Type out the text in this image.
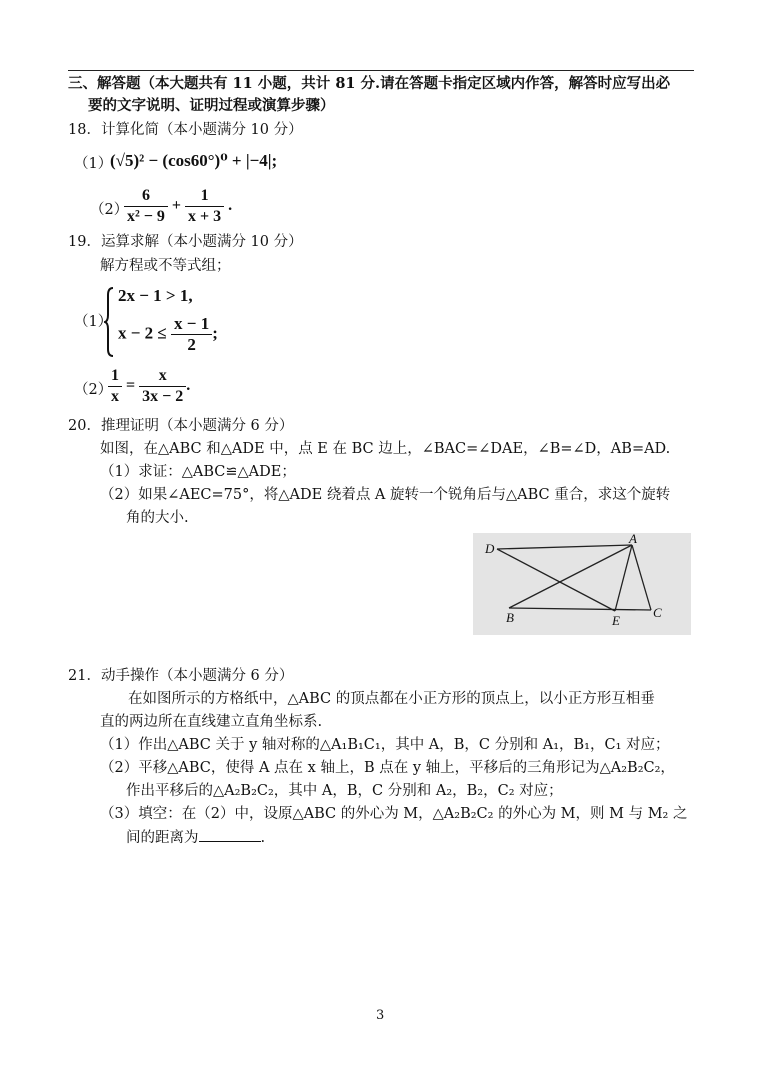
三、解答题（本大题共有 11 小题，共计 81 分.请在答题卡指定区域内作答，解答时应写出必
要的文字说明、证明过程或演算步骤）
18．计算化简（本小题满分 10 分）
（1）
(√5)² − (cos60°)⁰ + |−4|;
（2）
$\frac{6}{\text{x² − 9}} + \frac{1}{x + 3}$ .
19．运算求解（本小题满分 10 分）
解方程或不等式组；
（1）
2x − 1 > 1,
$x - 2 \le \frac{x - 1}{2}$ ;
（2）
$\frac{1}{x} = \frac{x}{3x - 2}$ .
20．推理证明（本小题满分 6 分）
如图，在△ABC 和△ADE 中，点 E 在 BC 边上，∠BAC=∠DAE，∠B=∠D，AB=AD.
（1）求证：△ABC≌△ADE；
（2）如果∠AEC=75°，将△ADE 绕着点 A 旋转一个锐角后与△ABC 重合，求这个旋转
角的大小.
D
A
B	E
C
21．动手操作（本小题满分 6 分）
在如图所示的方格纸中，△ABC 的顶点都在小正方形的顶点上，以小正方形互相垂
直的两边所在直线建立直角坐标系.
（1）作出△ABC 关于 y 轴对称的△A₁B₁C₁，其中 A，B，C 分别和 A₁，B₁，C₁ 对应；
（2）平移△ABC，使得 A 点在 x 轴上，B 点在 y 轴上，平移后的三角形记为△A₂B₂C₂，
作出平移后的△A₂B₂C₂，其中 A，B，C 分别和 A₂，B₂，C₂ 对应；
（3）填空：在（2）中，设原△ABC 的外心为 M，△A₂B₂C₂ 的外心为 M，则 M 与 M₂ 之
间的距离为	.
3
